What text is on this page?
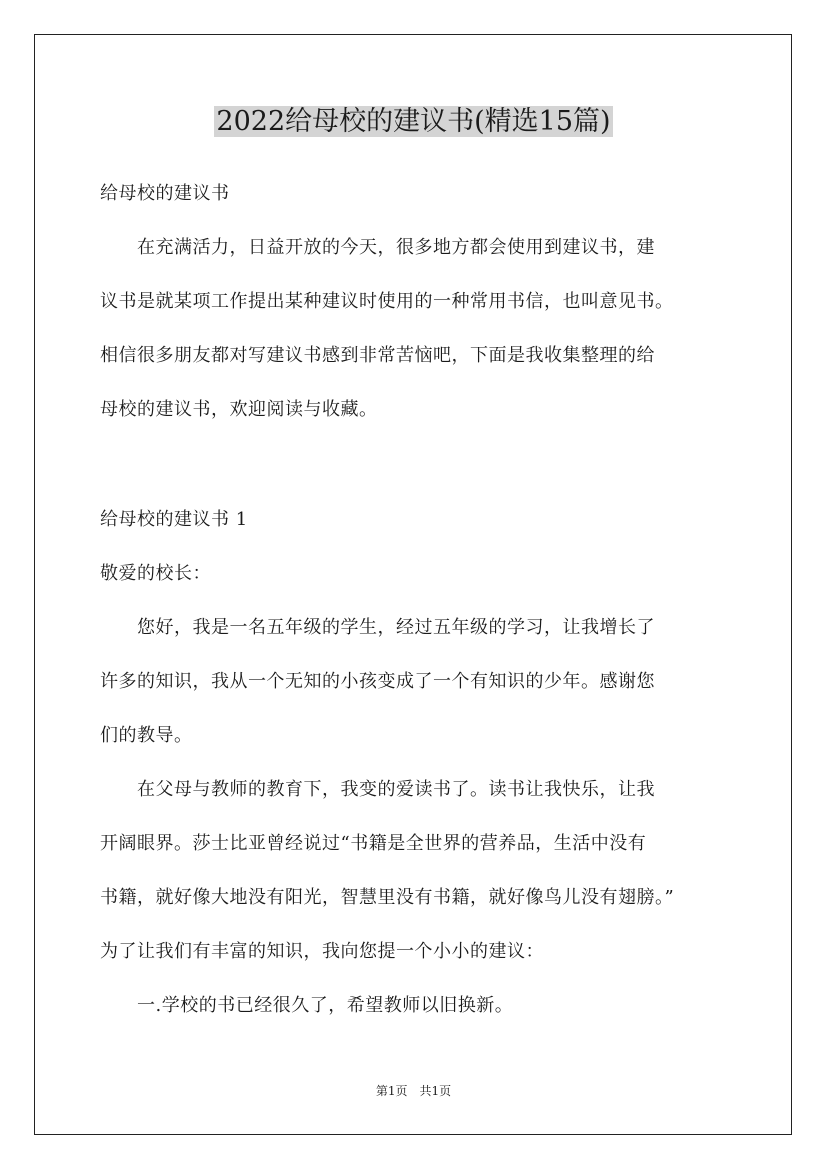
2022给母校的建议书(精选15篇)
给母校的建议书
　　在充满活力，日益开放的今天，很多地方都会使用到建议书，建
议书是就某项工作提出某种建议时使用的一种常用书信，也叫意见书。
相信很多朋友都对写建议书感到非常苦恼吧，下面是我收集整理的给
母校的建议书，欢迎阅读与收藏。
给母校的建议书 1
敬爱的校长：
　　您好，我是一名五年级的学生，经过五年级的学习，让我增长了
许多的知识，我从一个无知的小孩变成了一个有知识的少年。感谢您
们的教导。
　　在父母与教师的教育下，我变的爱读书了。读书让我快乐，让我
开阔眼界。莎士比亚曾经说过“书籍是全世界的营养品，生活中没有
书籍，就好像大地没有阳光，智慧里没有书籍，就好像鸟儿没有翅膀。”
为了让我们有丰富的知识，我向您提一个小小的建议：
　　一.学校的书已经很久了，希望教师以旧换新。
第1页　共1页
